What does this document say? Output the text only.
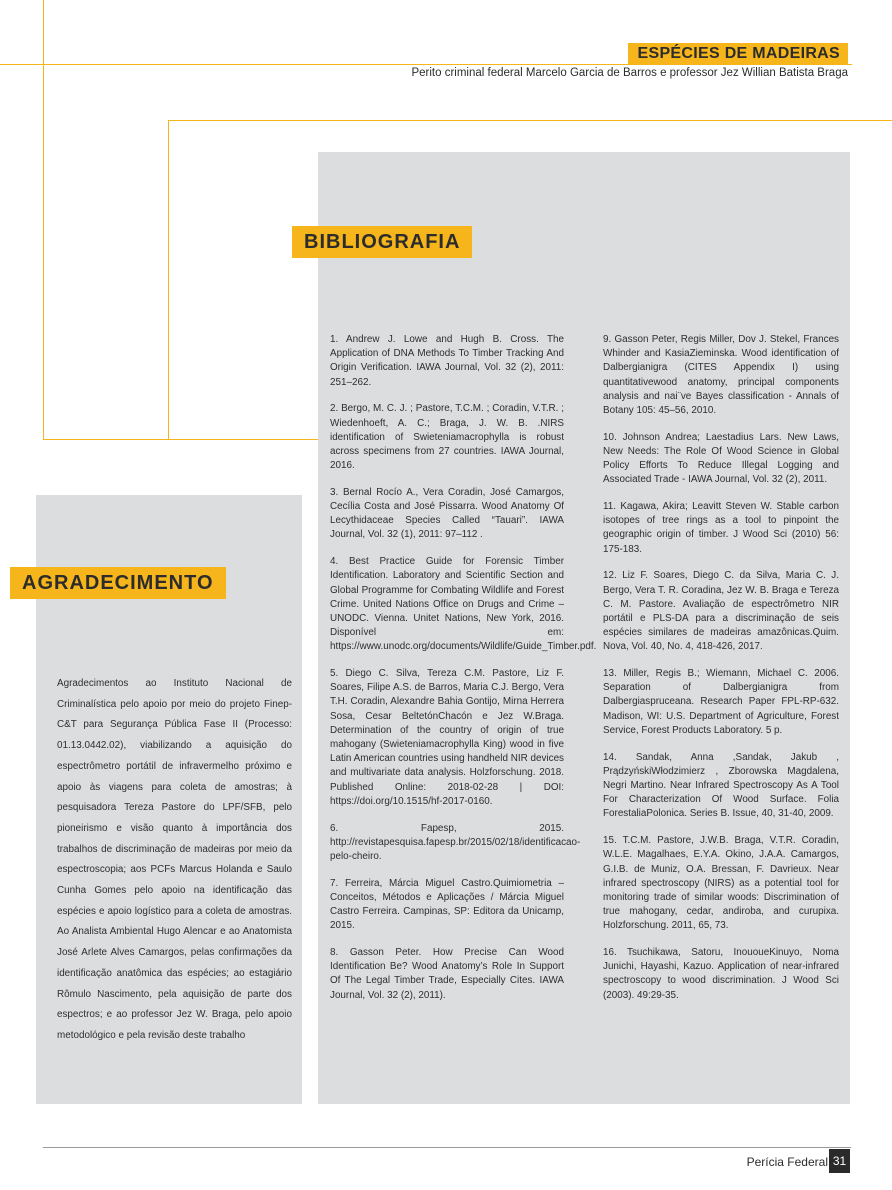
ESPÉCIES DE MADEIRAS
Perito criminal federal Marcelo Garcia de Barros e professor Jez Willian Batista Braga
BIBLIOGRAFIA
AGRADECIMENTO
Agradecimentos ao Instituto Nacional de Criminalística pelo apoio por meio do projeto Finep-C&T para Segurança Pública Fase II (Processo: 01.13.0442.02), viabilizando a aquisição do espectrômetro portátil de infravermelho próximo e apoio às viagens para coleta de amostras; à pesquisadora Tereza Pastore do LPF/SFB, pelo pioneirismo e visão quanto à importância dos trabalhos de discriminação de madeiras por meio da espectroscopia; aos PCFs Marcus Holanda e Saulo Cunha Gomes pelo apoio na identificação das espécies e apoio logístico para a coleta de amostras. Ao Analista Ambiental Hugo Alencar e ao Anatomista José Arlete Alves Camargos, pelas confirmações da identificação anatômica das espécies; ao estagiário Rômulo Nascimento, pela aquisição de parte dos espectros; e ao professor Jez W. Braga, pelo apoio metodológico e pela revisão deste trabalho

1. Andrew J. Lowe and Hugh B. Cross. The Application of DNA Methods To Timber Tracking And Origin Verification. IAWA Journal, Vol. 32 (2), 2011: 251–262.

2. Bergo, M. C. J. ; Pastore, T.C.M. ; Coradin, V.T.R. ; Wiedenhoeft, A. C.; Braga, J. W. B. .NIRS identification of Swieteniamacrophylla is robust across specimens from 27 countries. IAWA Journal, 2016.

3. Bernal Rocío A., Vera Coradin, José Camargos, Cecília Costa and José Pissarra. Wood Anatomy Of Lecythidaceae Species Called “Tauari”. IAWA Journal, Vol. 32 (1), 2011: 97–112 .

4. Best Practice Guide for Forensic Timber Identification. Laboratory and Scientific Section and Global Programme for Combating Wildlife and Forest Crime. United Nations Office on Drugs and Crime – UNODC. Vienna. Unitet Nations, New York, 2016. Disponível em: https://www.unodc.org/documents/Wildlife/Guide_Timber.pdf.

5. Diego C. Silva, Tereza C.M. Pastore, Liz F. Soares, Filipe A.S. de Barros, Maria C.J. Bergo, Vera T.H. Coradin, Alexandre Bahia Gontijo, Mirna Herrera Sosa, Cesar BeltetónChacón e Jez W.Braga. Determination of the country of origin of true mahogany (Swieteniamacrophylla King) wood in five Latin American countries using handheld NIR devices and multivariate data analysis. Holzforschung. 2018. Published Online: 2018-02-28 | DOI: https://doi.org/10.1515/hf-2017-0160.

6. Fapesp, 2015. http://revistapesquisa.fapesp.br/2015/02/18/identificacao-pelo-cheiro.

7. Ferreira, Márcia Miguel Castro.Quimiometria – Conceitos, Métodos e Aplicações / Márcia Miguel Castro Ferreira. Campinas, SP: Editora da Unicamp, 2015.

8. Gasson Peter. How Precise Can Wood Identification Be? Wood Anatomy’s Role In Support Of The Legal Timber Trade, Especially Cites. IAWA Journal, Vol. 32 (2), 2011).

9. Gasson Peter, Regis Miller, Dov J. Stekel, Frances Whinder and KasiaZieminska. Wood identification of Dalbergianigra (CITES Appendix I) using quantitativewood anatomy, principal components analysis and nai¨ve Bayes classification - Annals of Botany 105: 45–56, 2010.

10. Johnson Andrea; Laestadius Lars. New Laws, New Needs: The Role Of Wood Science in Global Policy Efforts To Reduce Illegal Logging and Associated Trade - IAWA Journal, Vol. 32 (2), 2011.

11. Kagawa, Akira; Leavitt Steven W. Stable carbon isotopes of tree rings as a tool to pinpoint the geographic origin of timber. J Wood Sci (2010) 56: 175-183.

12. Liz F. Soares, Diego C. da Silva, Maria C. J. Bergo, Vera T. R. Coradina, Jez W. B. Braga e Tereza C. M. Pastore. Avaliação de espectrômetro NIR portátil e PLS-DA para a discriminação de seis espécies similares de madeiras amazônicas.Quim. Nova, Vol. 40, No. 4, 418-426, 2017.

13. Miller, Regis B.; Wiemann, Michael C. 2006. Separation of Dalbergianigra from Dalbergiaspruceana. Research Paper FPL-RP-632. Madison, WI: U.S. Department of Agriculture, Forest Service, Forest Products Laboratory. 5 p.

14. Sandak, Anna ,Sandak, Jakub , PrądzyńskiWłodzimierz , Zborowska Magdalena, Negri Martino. Near Infrared Spectroscopy As A Tool For Characterization Of Wood Surface. Folia ForestaliaPolonica. Series B. Issue, 40, 31-40, 2009.

15. T.C.M. Pastore, J.W.B. Braga, V.T.R. Coradin, W.L.E. Magalhaes, E.Y.A. Okino, J.A.A. Camargos, G.I.B. de Muniz, O.A. Bressan, F. Davrieux. Near infrared spectroscopy (NIRS) as a potential tool for monitoring trade of similar woods: Discrimination of true mahogany, cedar, andiroba, and curupixa. Holzforschung. 2011, 65, 73.

16. Tsuchikawa, Satoru, InououeKinuyo, Noma Junichi, Hayashi, Kazuo. Application of near-infrared spectroscopy to wood discrimination. J Wood Sci (2003). 49:29-35.

Perícia Federal 31
